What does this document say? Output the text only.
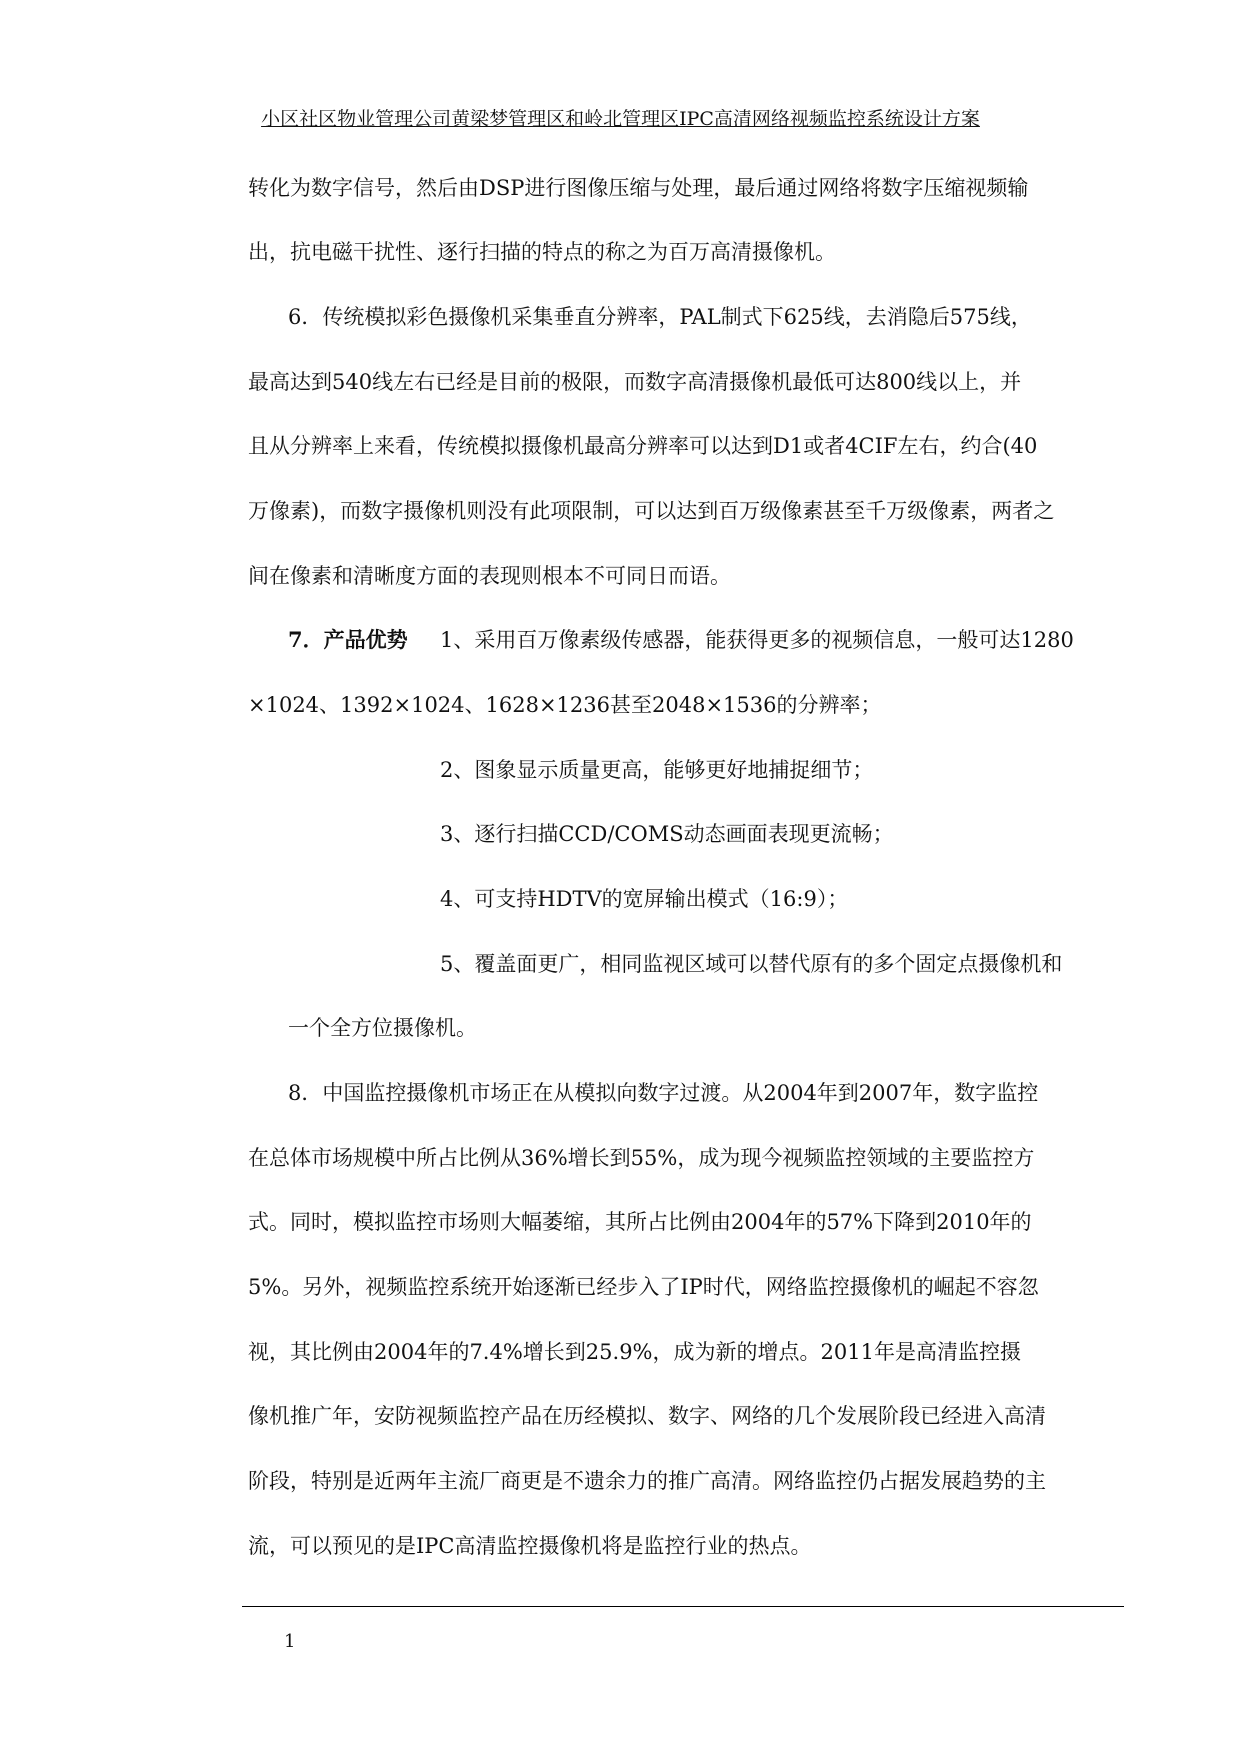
小区社区物业管理公司黄梁梦管理区和岭北管理区IPC高清网络视频监控系统设计方案
转化为数字信号，然后由DSP进行图像压缩与处理，最后通过网络将数字压缩视频输
出，抗电磁干扰性、逐行扫描的特点的称之为百万高清摄像机。
6．传统模拟彩色摄像机采集垂直分辨率，PAL制式下625线，去消隐后575线，
最高达到540线左右已经是目前的极限，而数字高清摄像机最低可达800线以上，并
且从分辨率上来看，传统模拟摄像机最高分辨率可以达到D1或者4CIF左右，约合(40
万像素)，而数字摄像机则没有此项限制，可以达到百万级像素甚至千万级像素，两者之
间在像素和清晰度方面的表现则根本不可同日而语。
7．产品优势 1、采用百万像素级传感器，能获得更多的视频信息，一般可达1280
×1024、1392×1024、1628×1236甚至2048×1536的分辨率；
2、图象显示质量更高，能够更好地捕捉细节；
3、逐行扫描CCD/COMS动态画面表现更流畅；
4、可支持HDTV的宽屏输出模式（16:9）；
5、覆盖面更广，相同监视区域可以替代原有的多个固定点摄像机和
一个全方位摄像机。
8．中国监控摄像机市场正在从模拟向数字过渡。从2004年到2007年，数字监控
在总体市场规模中所占比例从36%增长到55%，成为现今视频监控领域的主要监控方
式。同时，模拟监控市场则大幅萎缩，其所占比例由2004年的57%下降到2010年的
5%。另外，视频监控系统开始逐渐已经步入了IP时代，网络监控摄像机的崛起不容忽
视，其比例由2004年的7.4%增长到25.9%，成为新的增点。2011年是高清监控摄
像机推广年，安防视频监控产品在历经模拟、数字、网络的几个发展阶段已经进入高清
阶段，特别是近两年主流厂商更是不遗余力的推广高清。网络监控仍占据发展趋势的主
流，可以预见的是IPC高清监控摄像机将是监控行业的热点。
1
